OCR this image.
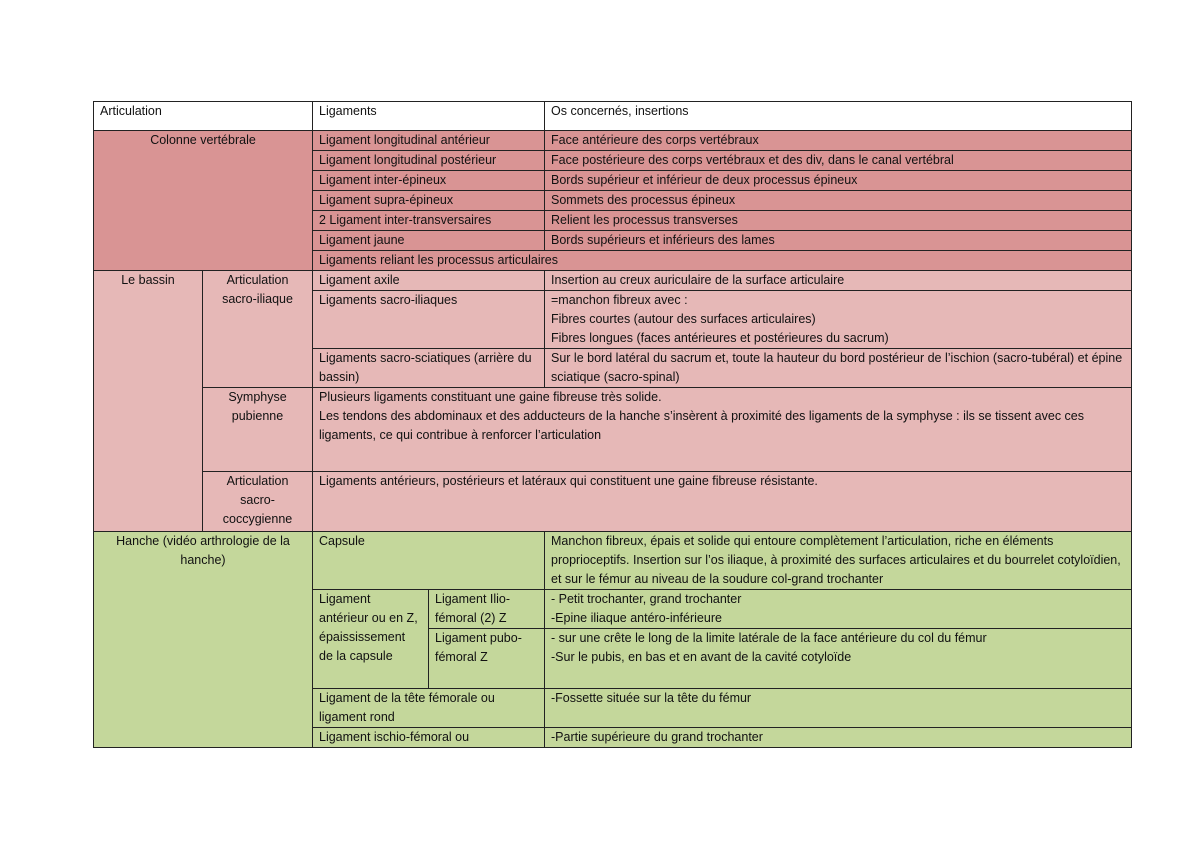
Articulation		Ligaments		Os concernés, insertions
Colonne vertébrale		Ligament longitudinal antérieur		Face antérieure des corps vertébraux
		Ligament longitudinal postérieur		Face postérieure des corps vertébraux et des div, dans le canal vertébral
		Ligament inter-épineux		Bords supérieur et inférieur de deux processus épineux
		Ligament supra-épineux		Sommets des processus épineux
		2 Ligament inter-transversaires		Relient les processus transverses
		Ligament jaune		Bords supérieurs et inférieurs des lames
		Ligaments reliant les processus articulaires		
Le bassin	Articulation sacro-iliaque	Ligament axile		Insertion au creux auriculaire de la surface articulaire
		Ligaments sacro-iliaques		=manchon fibreux avec :
Fibres courtes (autour des surfaces articulaires)
Fibres longues (faces antérieures et postérieures du sacrum)

		Ligaments sacro-sciatiques (arrière du bassin)		Sur le bord latéral du sacrum et, toute la hauteur du bord postérieur de l’ischion (sacro-tubéral) et épine sciatique (sacro-spinal)
	Symphyse pubienne	Plusieurs ligaments constituant une gaine fibreuse très solide.
Les tendons des abdominaux et des adducteurs de la hanche s’insèrent à proximité des ligaments de la symphyse : ils se tissent avec ces ligaments, ce qui contribue à renforcer l’articulation		

	Articulation sacro-coccygienne	Ligaments antérieurs, postérieurs et latéraux qui constituent une gaine fibreuse résistante.		
Hanche (vidéo arthrologie de la hanche)		Capsule		Manchon fibreux, épais et solide qui entoure complètement l’articulation, riche en éléments proprioceptifs. Insertion sur l’os iliaque, à proximité des surfaces articulaires et du bourrelet cotyloïdien, et sur le fémur au niveau de la soudure col-grand trochanter
		Ligament antérieur ou en Z, épaississement de la capsule	Ligament Ilio-fémoral (2) Z	- Petit trochanter, grand trochanter
-Epine iliaque antéro-inférieure

			Ligament pubo-fémoral Z	- sur une crête le long de la limite latérale de la face antérieure du col du fémur
-Sur le pubis, en bas et en avant de la cavité cotyloïde

		Ligament de la tête fémorale ou ligament rond		-Fossette située sur la tête du fémur
		Ligament ischio-fémoral ou		-Partie supérieure du grand trochanter
